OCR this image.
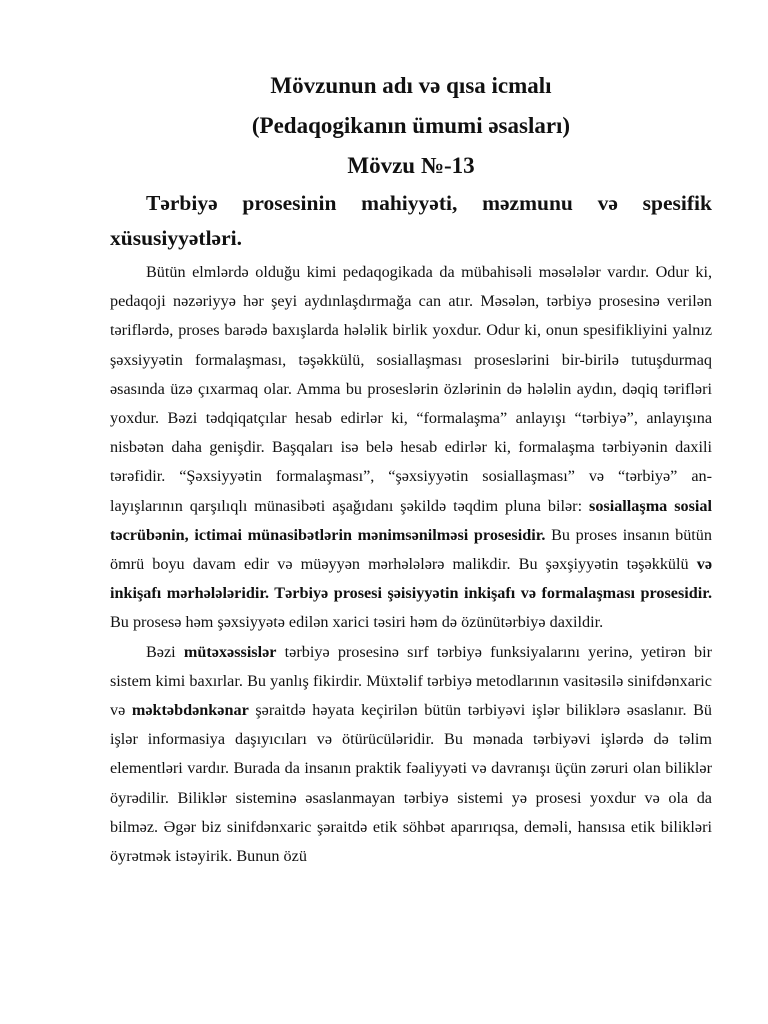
Mövzunun adı və qısa icmalı

(Pedaqogikanın ümumi əsasları)

Mövzu №-13

Tərbiyə prosesinin mahiyyəti, məzmunu və spesifik xüsusiyyətləri.

Bütün elmlərdə olduğu kimi pedaqogikada da mübahisəli məsələlər vardır. Odur ki, pedaqoji nəzəriyyə hər şeyi aydınlaşdırmağa can atır. Məsələn, tərbiyə prosesinə verilən təriflərdə, proses barədə baxışlarda hələlik birlik yoxdur. Odur ki, onun spesifikliyini yalnız şəxsiyyətin formalaşması, təşəkkülü, sosiallaşması proseslərini bir-birilə tutuşdurmaq əsasında üzə çıxarmaq olar. Amma bu proseslərin özlərinin də hələlin aydın, dəqiq tərifləri yoxdur. Bəzi tədqiqatçılar hesab edirlər ki, “formalaşma” anlayışı “tərbiyə”, anlayışına nisbətən daha genişdir. Başqaları isə belə hesab edirlər ki, formalaşma tərbiyənin daxili tərəfidir. “Şəxsiyyətin formalaşması”, “şəxsiyyətin sosiallaşması” və “tərbiyə” an-layışlarının qarşılıqlı münasibəti aşağıdanı şəkildə təqdim pluna bilər: sosiallaşma sosial təcrübənin, ictimai münasibətlərin mənimsənilməsi prosesidir. Bu proses insanın bütün ömrü boyu davam edir və müəyyən mərhələlərə malikdir. Bu şəxşiyyətin təşəkkülü və inkişafı mərhələləridir. Tərbiyə prosesi şəisiyyətin inkişafı və formalaşması prosesidir. Bu prosesə həm şəxsiyyətə edilən xarici təsiri həm də özünütərbiyə daxildir.

Bəzi mütəxəssislər tərbiyə prosesinə sırf tərbiyə funksiyalarını yerinə, yetirən bir sistem kimi baxırlar. Bu yanlış fikirdir. Müxtəlif tərbiyə metodlarının vasitəsilə sinifdənxaric və məktəbdənkənar şəraitdə həyata keçirilən bütün tərbiyəvi işlər biliklərə əsaslanır. Bü işlər informasiya daşıyıcıları və ötürücüləridir. Bu mənada tərbiyəvi işlərdə də təlim elementləri vardır. Burada da insanın praktik fəaliyyəti və davranışı üçün zəruri olan biliklər öyrədilir. Biliklər sisteminə əsaslanmayan tərbiyə sistemi yə prosesi yoxdur və ola da bilməz. Əgər biz sinifdənxaric şəraitdə etik söhbət aparırıqsa, deməli, hansısa etik bilikləri öyrətmək istəyirik. Bunun özü
